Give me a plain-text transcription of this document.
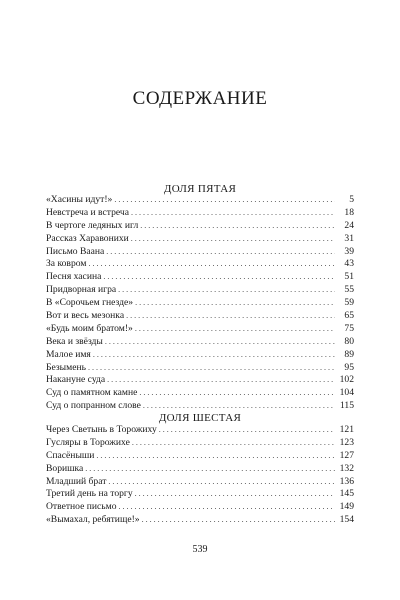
СОДЕРЖАНИЕ
ДОЛЯ ПЯТАЯ
«Хасины идут!» . . .	5
Невстреча и встреча . . .	18
В чертоге ледяных игл . . .	24
Рассказ Харавонихи . . .	31
Письмо Ваана . . .	39
За ковром . . .	43
Песня хасина . . .	51
Придворная игра . . .	55
В «Сорочьем гнезде» . . .	59
Вот и весь мезонка . . .	65
«Будь моим братом!» . . .	75
Века и звёзды . . .	80
Малое имя . . .	89
Безымень . . .	95
Накануне суда . . .	102
Суд о памятном камне . . .	104
Суд о попранном слове . . .	115
ДОЛЯ ШЕСТАЯ
Через Светынь в Торожиху . . .	121
Гусляры в Торожихе . . .	123
Спасёныши . . .	127
Воришка . . .	132
Младший брат . . .	136
Третий день на торгу . . .	145
Ответное письмо . . .	149
«Вымахал, ребятище!» . . .	154
539
